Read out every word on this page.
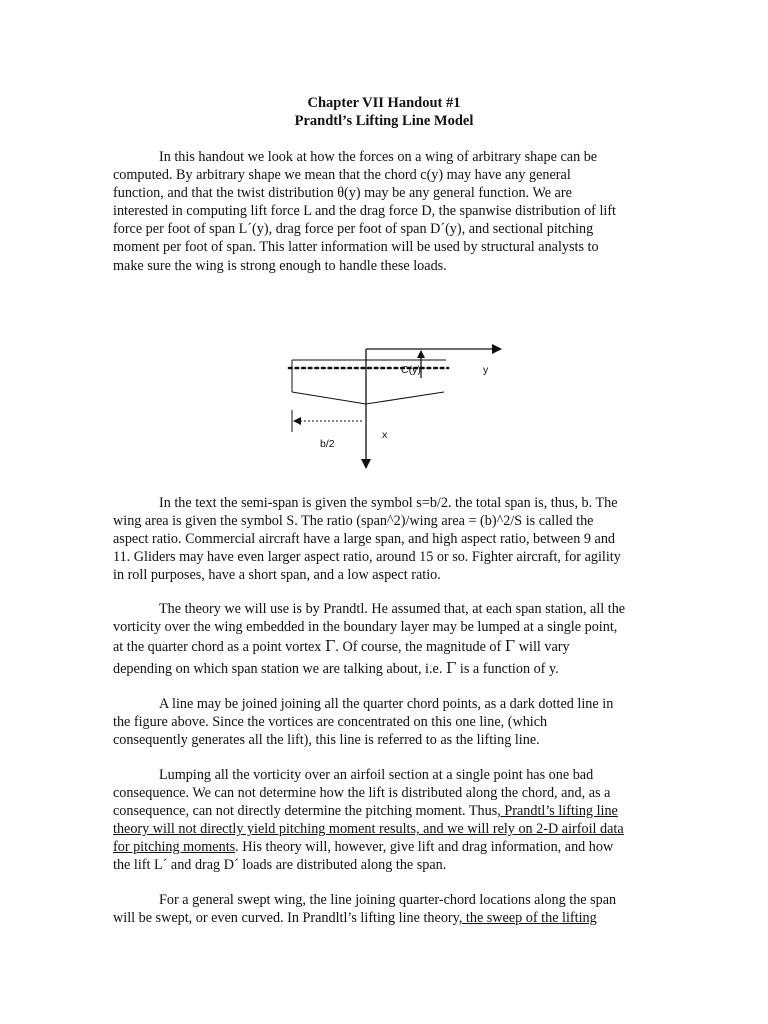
Chapter VII Handout #1
Prandtl’s Lifting Line Model
In this handout we look at how the forces on a wing of arbitrary shape can be
computed. By arbitrary shape we mean that the chord c(y) may have any general
function, and that the twist distribution θ(y) may be any general function. We are
interested in computing lift force L and the drag force D, the spanwise distribution of lift
force per foot of span L´(y), drag force per foot of span D´(y), and sectional pitching
moment per foot of span. This latter information will be used by structural analysts to
make sure the wing is strong enough to handle these loads.
C(y)	y
x
b/2
In the text the semi-span is given the symbol s=b/2. the total span is, thus, b. The
wing area is given the symbol S. The ratio (span^2)/wing area = (b)^2/S is called the
aspect ratio. Commercial aircraft have a large span, and high aspect ratio, between 9 and
11. Gliders may have even larger aspect ratio, around 15 or so. Fighter aircraft, for agility
in roll purposes, have a short span, and a low aspect ratio.
The theory we will use is by Prandtl. He assumed that, at each span station, all the
vorticity over the wing embedded in the boundary layer may be lumped at a single point,
at the quarter chord as a point vortex Γ. Of course, the magnitude of Γ will vary
depending on which span station we are talking about, i.e. Γ is a function of y.
A line may be joined joining all the quarter chord points, as a dark dotted line in
the figure above. Since the vortices are concentrated on this one line, (which
consequently generates all the lift), this line is referred to as the lifting line.
Lumping all the vorticity over an airfoil section at a single point has one bad
consequence. We can not determine how the lift is distributed along the chord, and, as a
consequence, can not directly determine the pitching moment. Thus, Prandtl’s lifting line
theory will not directly yield pitching moment results, and we will rely on 2-D airfoil data
for pitching moments. His theory will, however, give lift and drag information, and how
the lift L´ and drag D´ loads are distributed along the span.
For a general swept wing, the line joining quarter-chord locations along the span
will be swept, or even curved. In Prandltl’s lifting line theory, the sweep of the lifting
